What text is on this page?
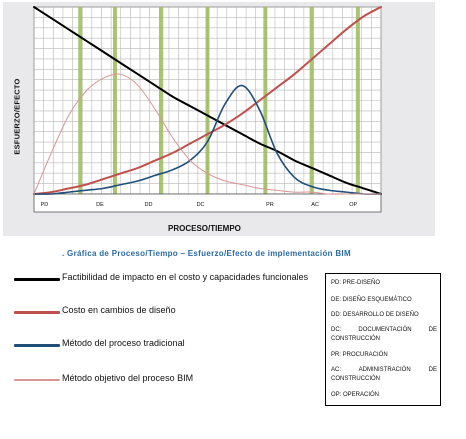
PD	DE	DD	DC	PR	AC	OP
ESFUERZO/EFECTO
PROCESO/TIEMPO
. Gráfica de Proceso/Tiempo – Esfuerzo/Efecto de implementación BIM
Factibilidad de impacto en el costo y capacidades funcionales
Costo en cambios de diseño
Método del proceso tradicional
Método objetivo del proceso BIM
PD: PRE-DISEÑO
DE: DISEÑO ESQUEMÁTICO
DD: DESARROLLO DE DISEÑO
DC: DOCUMENTACIÓN DE CONSTRUCCIÓN
PR: PROCURACIÓN
AC: ADMINISTRACIÓN DE CONSTRUCCIÓN
OP: OPERACIÓN
